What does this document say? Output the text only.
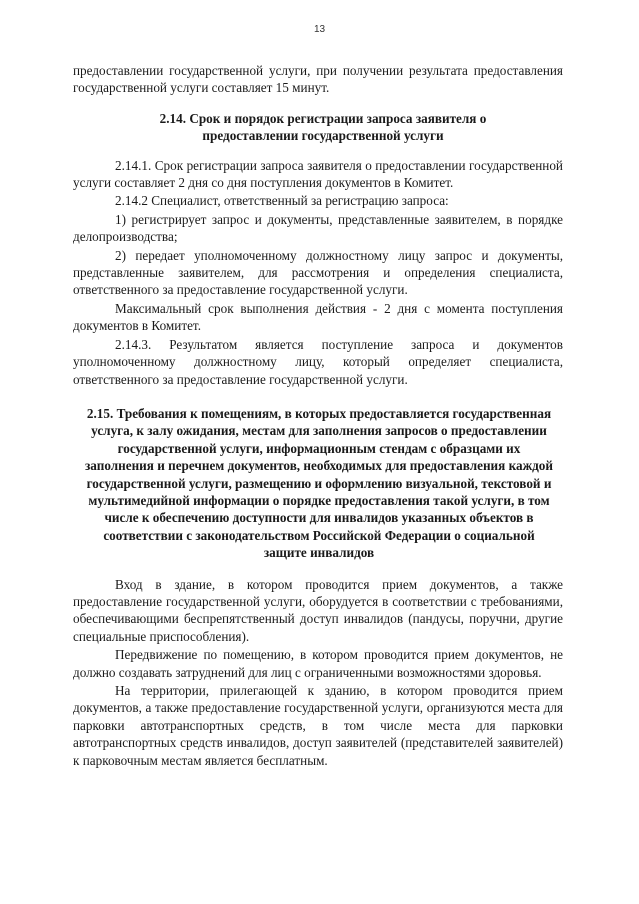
13

предоставлении государственной услуги, при получении результата предоставления государственной услуги составляет 15 минут.

2.14. Срок и порядок регистрации запроса заявителя о предоставлении государственной услуги

2.14.1. Срок регистрации запроса заявителя о предоставлении государственной услуги составляет 2 дня со дня поступления документов в Комитет.

2.14.2 Специалист, ответственный за регистрацию запроса:

1) регистрирует запрос и документы, представленные заявителем, в порядке делопроизводства;

2) передает уполномоченному должностному лицу запрос и документы, представленные заявителем, для рассмотрения и определения специалиста, ответственного за предоставление государственной услуги.

Максимальный срок выполнения действия - 2 дня с момента поступления документов в Комитет.

2.14.3. Результатом является поступление запроса и документов уполномоченному должностному лицу, который определяет специалиста, ответственного за предоставление государственной услуги.

2.15. Требования к помещениям, в которых предоставляется государственная услуга, к залу ожидания, местам для заполнения запросов о предоставлении государственной услуги, информационным стендам с образцами их заполнения и перечнем документов, необходимых для предоставления каждой государственной услуги, размещению и оформлению визуальной, текстовой и мультимедийной информации о порядке предоставления такой услуги, в том числе к обеспечению доступности для инвалидов указанных объектов в соответствии с законодательством Российской Федерации о социальной защите инвалидов

Вход в здание, в котором проводится прием документов, а также предоставление государственной услуги, оборудуется в соответствии с требованиями, обеспечивающими беспрепятственный доступ инвалидов (пандусы, поручни, другие специальные приспособления).

Передвижение по помещению, в котором проводится прием документов, не должно создавать затруднений для лиц с ограниченными возможностями здоровья.

На территории, прилегающей к зданию, в котором проводится прием документов, а также предоставление государственной услуги, организуются места для парковки автотранспортных средств, в том числе места для парковки автотранспортных средств инвалидов, доступ заявителей (представителей заявителей) к парковочным местам является бесплатным.
